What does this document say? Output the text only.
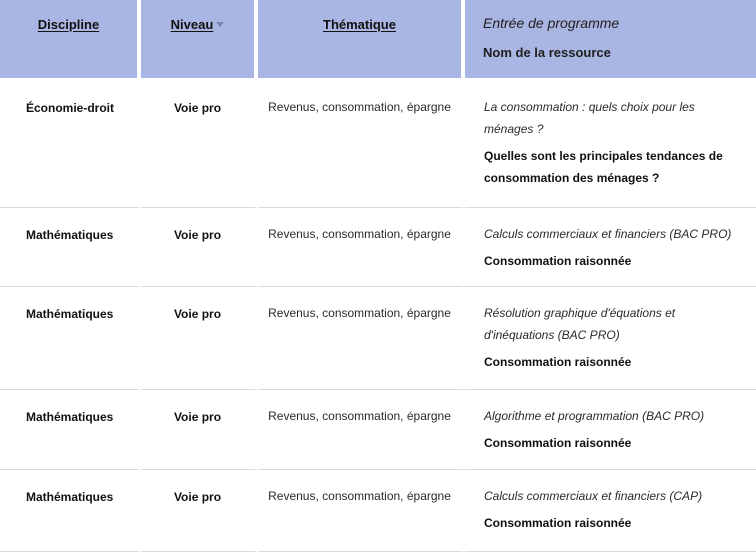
Discipline	Niveau	Thématique	Entrée de programme
Nom de la ressource

Économie-droit	Voie pro	Revenus, consommation, épargne	La consommation : quels choix pour les ménages ?
Quelles sont les principales tendances de consommation des ménages ?

Mathématiques	Voie pro	Revenus, consommation, épargne	Calculs commerciaux et financiers (BAC PRO)
Consommation raisonnée

Mathématiques	Voie pro	Revenus, consommation, épargne	Résolution graphique d'équations et d'inéquations (BAC PRO)
Consommation raisonnée

Mathématiques	Voie pro	Revenus, consommation, épargne	Algorithme et programmation (BAC PRO)
Consommation raisonnée

Mathématiques	Voie pro	Revenus, consommation, épargne	Calculs commerciaux et financiers (CAP)
Consommation raisonnée
